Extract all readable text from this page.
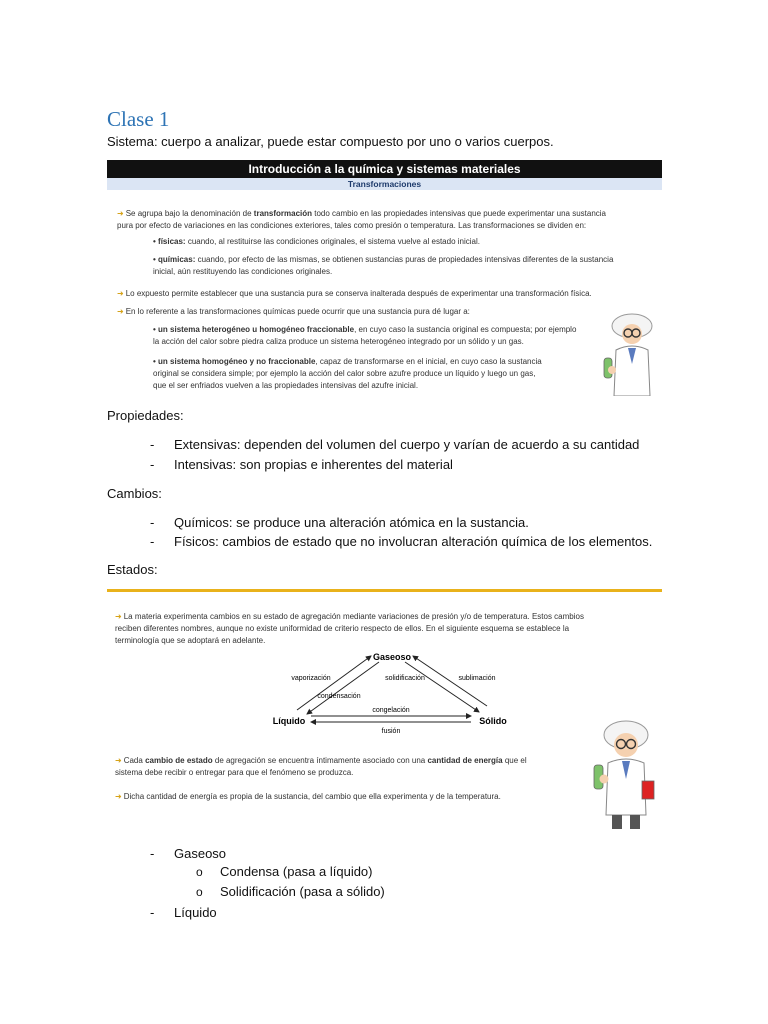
Clase 1
Sistema: cuerpo a analizar, puede estar compuesto por uno o varios cuerpos.
Introducción a la química y sistemas materiales
Transformaciones
➜ Se agrupa bajo la denominación de transformación todo cambio en las propiedades intensivas que puede experimentar una sustancia
pura por efecto de variaciones en las condiciones exteriores, tales como presión o temperatura. Las transformaciones se dividen en:
• físicas: cuando, al restituirse las condiciones originales, el sistema vuelve al estado inicial.
• químicas: cuando, por efecto de las mismas, se obtienen sustancias puras de propiedades intensivas diferentes de la sustancia
inicial, aún restituyendo las condiciones originales.
➜ Lo expuesto permite establecer que una sustancia pura se conserva inalterada después de experimentar una transformación física.
➜ En lo referente a las transformaciones químicas puede ocurrir que una sustancia pura dé lugar a:
• un sistema heterogéneo u homogéneo fraccionable, en cuyo caso la sustancia original es compuesta; por ejemplo
la acción del calor sobre piedra caliza produce un sistema heterogéneo integrado por un sólido y un gas.
• un sistema homogéneo y no fraccionable, capaz de transformarse en el inicial, en cuyo caso la sustancia
original se considera simple; por ejemplo la acción del calor sobre azufre produce un líquido y luego un gas,
que el ser enfriados vuelven a las propiedades intensivas del azufre inicial.
Propiedades:
- Extensivas: dependen del volumen del cuerpo y varían de acuerdo a su cantidad
- Intensivas: son propias e inherentes del material
Cambios:
- Químicos: se produce una alteración atómica en la sustancia.
- Físicos: cambios de estado que no involucran alteración química de los elementos.
Estados:
➜ La materia experimenta cambios en su estado de agregación mediante variaciones de presión y/o de temperatura. Estos cambios
reciben diferentes nombres, aunque no existe uniformidad de criterio respecto de ellos. En el siguiente esquema se establece la
terminología que se adoptará en adelante.
Gaseoso
Líquido	Sólido
vaporización
condensación
solidificación	sublimación
congelación
fusión
➜ Cada cambio de estado de agregación se encuentra íntimamente asociado con una cantidad de energía que el
sistema debe recibir o entregar para que el fenómeno se produzca.
➜ Dicha cantidad de energía es propia de la sustancia, del cambio que ella experimenta y de la temperatura.
- Gaseoso
o Condensa (pasa a líquido)
o Solidificación (pasa a sólido)
- Líquido
